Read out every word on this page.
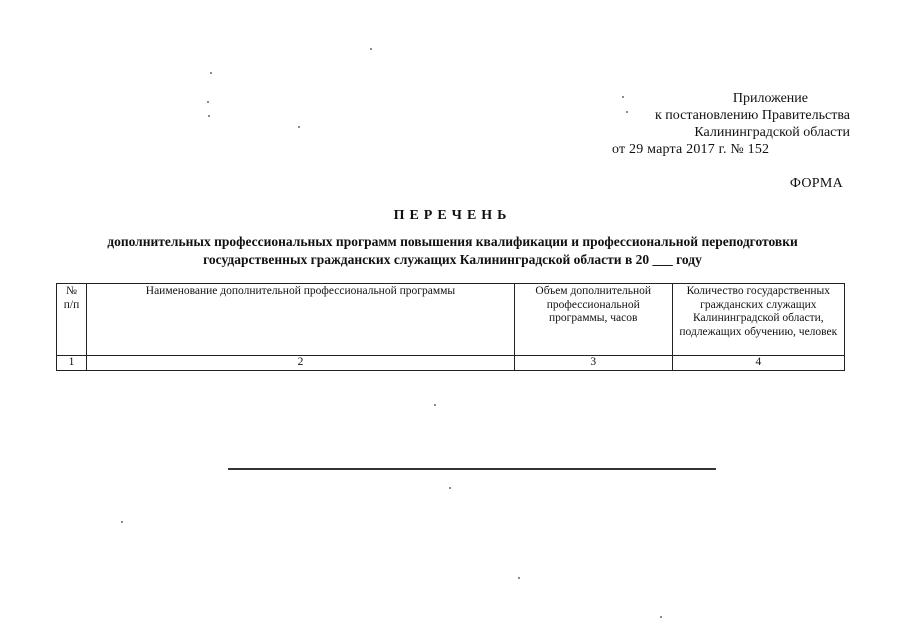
Приложение
к постановлению Правительства
Калининградской области
от 29 марта 2017 г. № 152
ФОРМА
ПЕРЕЧЕНЬ
дополнительных профессиональных программ повышения квалификации и профессиональной переподготовки
государственных гражданских служащих Калининградской области в 20 ___ году
№ п/п	Наименование дополнительной профессиональной программы	Объем дополнительной профессиональной программы, часов	Количество государственных гражданских служащих Калининградской области, подлежащих обучению, человек
1	2	3	4
